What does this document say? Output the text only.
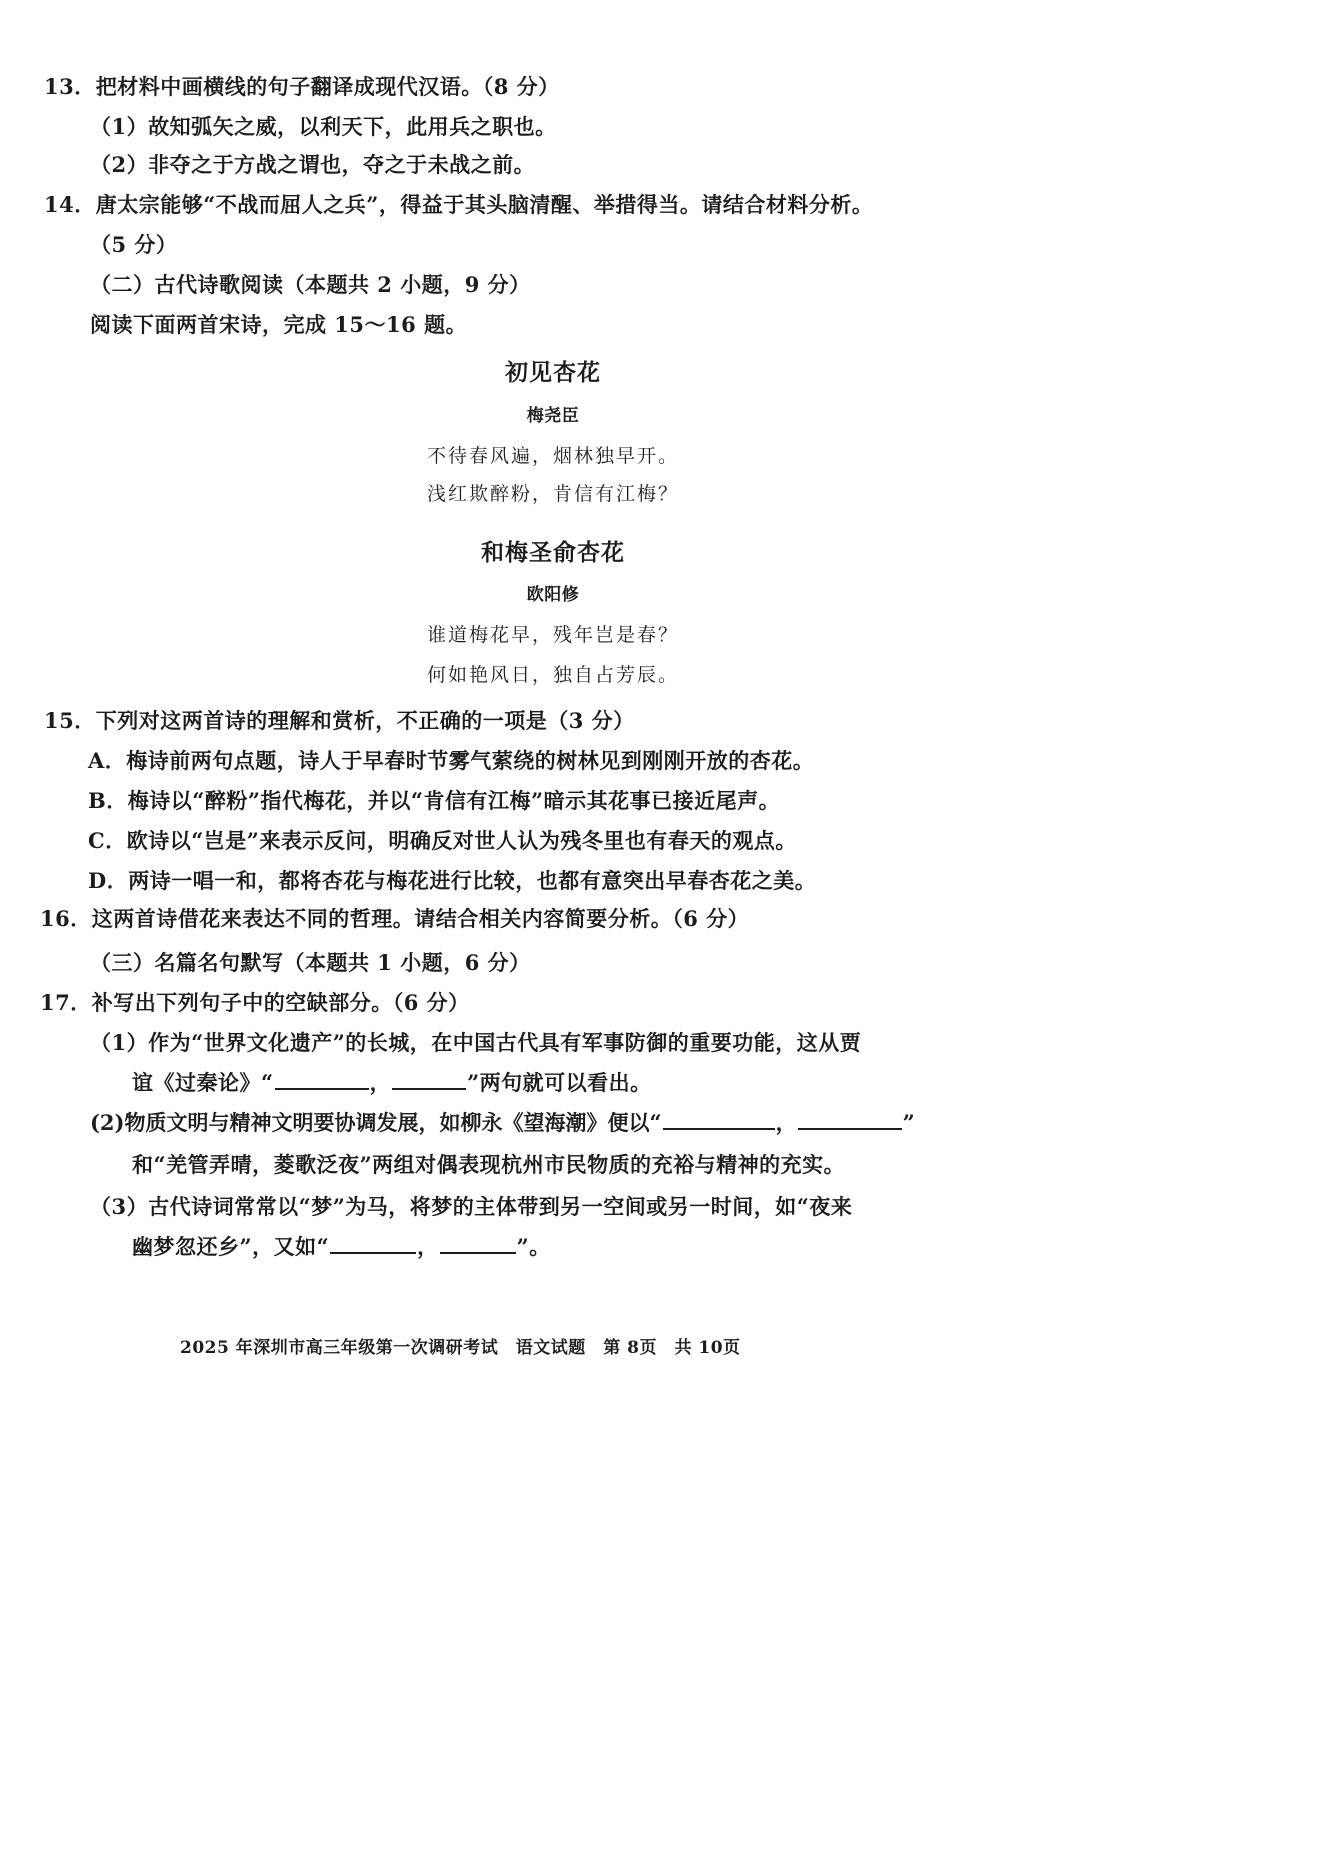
13．把材料中画横线的句子翻译成现代汉语。（8 分）
（1）故知弧矢之威，以利天下，此用兵之职也。
（2）非夺之于方战之谓也，夺之于未战之前。
14．唐太宗能够“不战而屈人之兵”，得益于其头脑清醒、举措得当。请结合材料分析。
（5 分）
（二）古代诗歌阅读（本题共 2 小题，9 分）
阅读下面两首宋诗，完成 15～16 题。
初见杏花
梅尧臣
不待春风遍，烟林独早开。
浅红欺醉粉，肯信有江梅？
和梅圣俞杏花
欧阳修
谁道梅花早，残年岂是春？
何如艳风日，独自占芳辰。
15．下列对这两首诗的理解和赏析，不正确的一项是（3 分）
A．梅诗前两句点题，诗人于早春时节雾气萦绕的树林见到刚刚开放的杏花。
B．梅诗以“醉粉”指代梅花，并以“肯信有江梅”暗示其花事已接近尾声。
C．欧诗以“岂是”来表示反问，明确反对世人认为残冬里也有春天的观点。
D．两诗一唱一和，都将杏花与梅花进行比较，也都有意突出早春杏花之美。
16．这两首诗借花来表达不同的哲理。请结合相关内容简要分析。（6 分）
（三）名篇名句默写（本题共 1 小题，6 分）
17．补写出下列句子中的空缺部分。（6 分）
（1）作为“世界文化遗产”的长城，在中国古代具有军事防御的重要功能，这从贾
谊《过秦论》“	，	”两句就可以看出。
(2)物质文明与精神文明要协调发展，如柳永《望海潮》便以“	，	”
和“羌管弄晴，菱歌泛夜”两组对偶表现杭州市民物质的充裕与精神的充实。
（3）古代诗词常常以“梦”为马，将梦的主体带到另一空间或另一时间，如“夜来
幽梦忽还乡”，又如“	，	”。
2025 年深圳市高三年级第一次调研考试　语文试题　第 8页　共 10页
